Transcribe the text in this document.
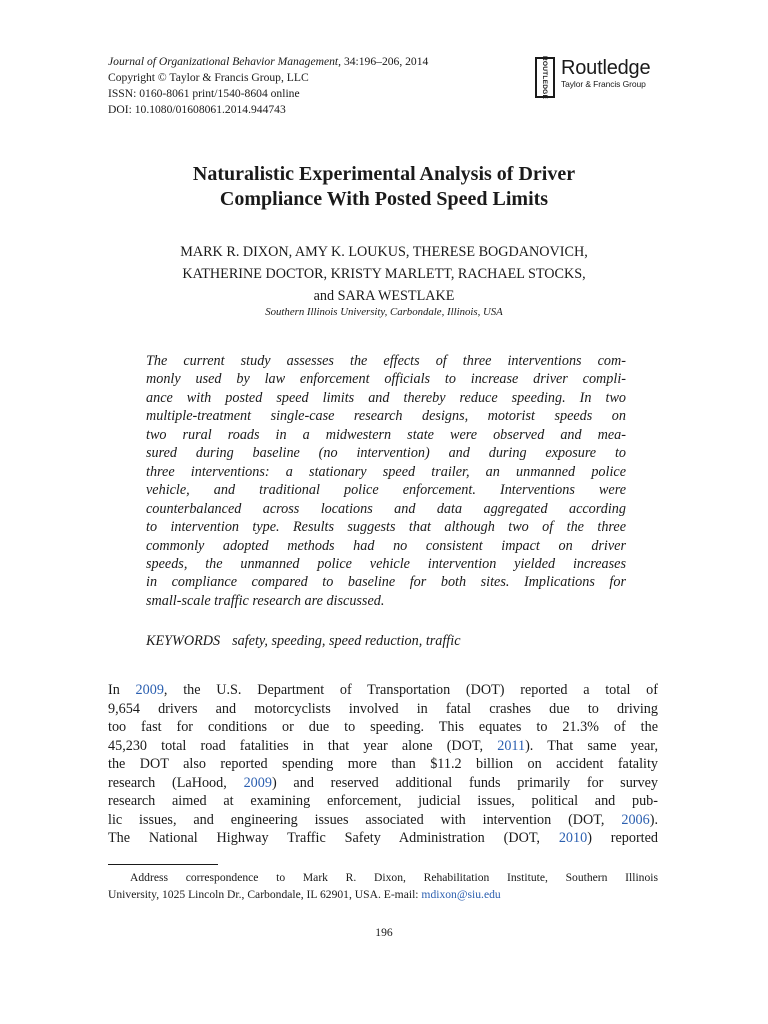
Journal of Organizational Behavior Management, 34:196–206, 2014
Copyright © Taylor & Francis Group, LLC
ISSN: 0160-8061 print/1540-8604 online
DOI: 10.1080/01608061.2014.944743
ROUTLEDGE Routledge
Taylor & Francis Group
Naturalistic Experimental Analysis of Driver
Compliance With Posted Speed Limits
MARK R. DIXON, AMY K. LOUKUS, THERESE BOGDANOVICH,
KATHERINE DOCTOR, KRISTY MARLETT, RACHAEL STOCKS,
and SARA WESTLAKE
Southern Illinois University, Carbondale, Illinois, USA
The current study assesses the effects of three interventions com-
monly used by law enforcement officials to increase driver compli-
ance with posted speed limits and thereby reduce speeding. In two
multiple-treatment single-case research designs, motorist speeds on
two rural roads in a midwestern state were observed and mea-
sured during baseline (no intervention) and during exposure to
three interventions: a stationary speed trailer, an unmanned police
vehicle, and traditional police enforcement. Interventions were
counterbalanced across locations and data aggregated according
to intervention type. Results suggests that although two of the three
commonly adopted methods had no consistent impact on driver
speeds, the unmanned police vehicle intervention yielded increases
in compliance compared to baseline for both sites. Implications for
small-scale traffic research are discussed.
KEYWORDS safety, speeding, speed reduction, traffic
In 2009, the U.S. Department of Transportation (DOT) reported a total of
9,654 drivers and motorcyclists involved in fatal crashes due to driving
too fast for conditions or due to speeding. This equates to 21.3% of the
45,230 total road fatalities in that year alone (DOT, 2011). That same year,
the DOT also reported spending more than $11.2 billion on accident fatality
research (LaHood, 2009) and reserved additional funds primarily for survey
research aimed at examining enforcement, judicial issues, political and pub-
lic issues, and engineering issues associated with intervention (DOT, 2006).
The National Highway Traffic Safety Administration (DOT, 2010) reported
Address correspondence to Mark R. Dixon, Rehabilitation Institute, Southern Illinois
University, 1025 Lincoln Dr., Carbondale, IL 62901, USA. E-mail: mdixon@siu.edu
196
